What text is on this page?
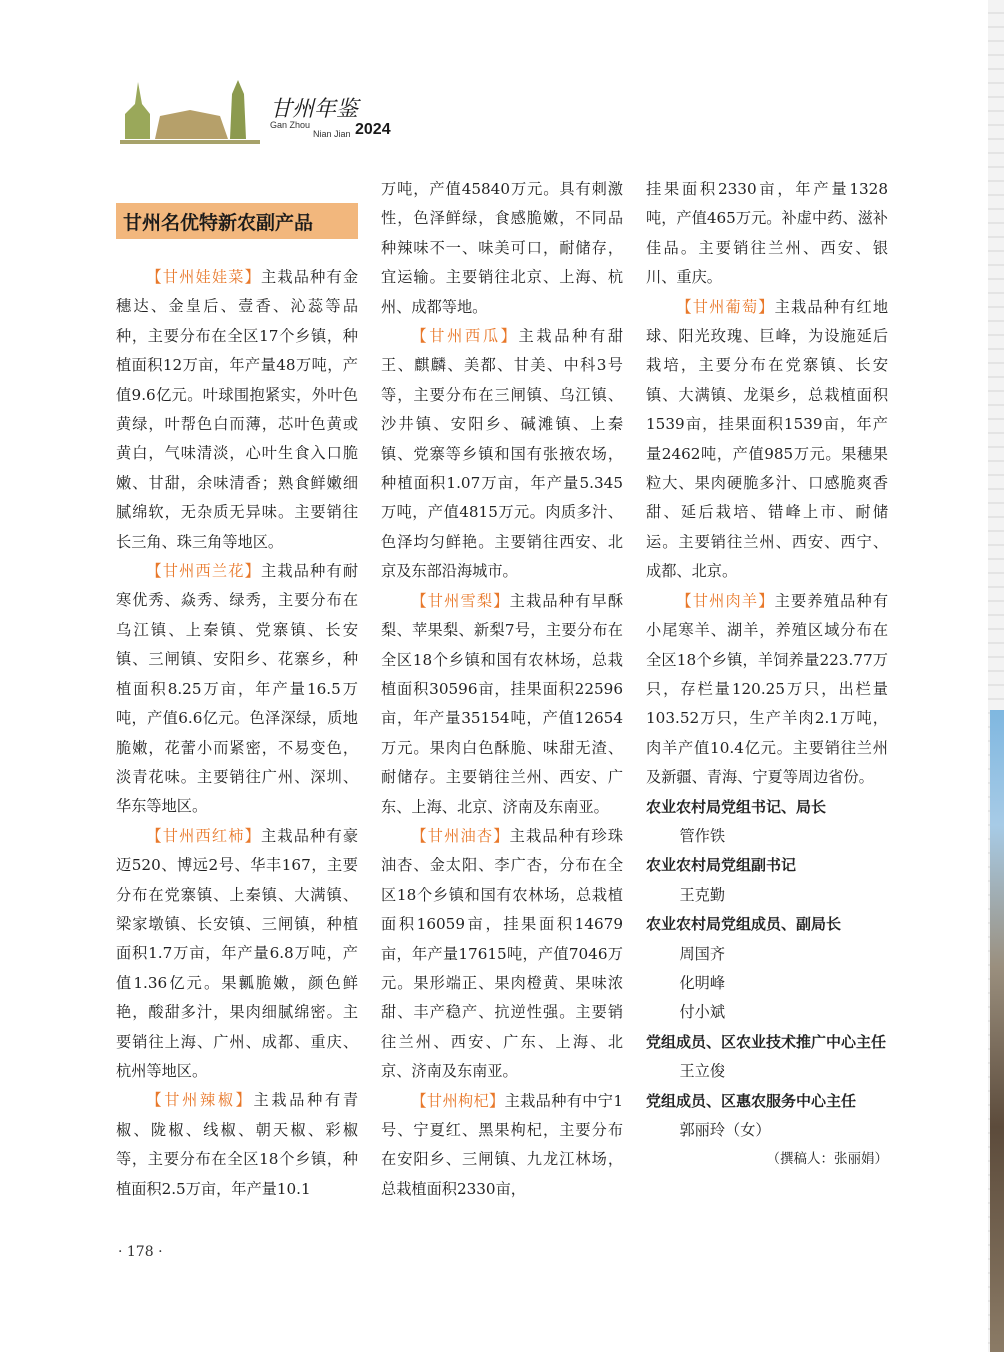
甘州年鉴
Gan Zhou
Nian Jian 2024
甘州名优特新农副产品

【甘州娃娃菜】主栽品种有金穗达、金皇后、壹香、沁蕊等品种，主要分布在全区17个乡镇，种植面积12万亩，年产量48万吨，产值9.6亿元。叶球围抱紧实，外叶色黄绿，叶帮色白而薄，芯叶色黄或黄白，气味清淡，心叶生食入口脆嫩、甘甜，余味清香；熟食鲜嫩细腻绵软，无杂质无异味。主要销往长三角、珠三角等地区。

【甘州西兰花】主栽品种有耐寒优秀、焱秀、绿秀，主要分布在乌江镇、上秦镇、党寨镇、长安镇、三闸镇、安阳乡、花寨乡，种植面积8.25万亩，年产量16.5万吨，产值6.6亿元。色泽深绿，质地脆嫩，花蕾小而紧密，不易变色，淡青花味。主要销往广州、深圳、华东等地区。

【甘州西红柿】主栽品种有豪迈520、博远2号、华丰167，主要分布在党寨镇、上秦镇、大满镇、梁家墩镇、长安镇、三闸镇，种植面积1.7万亩，年产量6.8万吨，产值1.36亿元。果瓤脆嫩，颜色鲜艳，酸甜多汁，果肉细腻绵密。主要销往上海、广州、成都、重庆、杭州等地区。

【甘州辣椒】主栽品种有青椒、陇椒、线椒、朝天椒、彩椒等，主要分布在全区18个乡镇，种植面积2.5万亩，年产量10.1

万吨，产值45840万元。具有刺激性，色泽鲜绿，食感脆嫩，不同品种辣味不一、味美可口，耐储存，宜运输。主要销往北京、上海、杭州、成都等地。

【甘州西瓜】主栽品种有甜王、麒麟、美都、甘美、中科3号等，主要分布在三闸镇、乌江镇、沙井镇、安阳乡、碱滩镇、上秦镇、党寨等乡镇和国有张掖农场，种植面积1.07万亩，年产量5.345万吨，产值4815万元。肉质多汁、色泽均匀鲜艳。主要销往西安、北京及东部沿海城市。

【甘州雪梨】主栽品种有早酥梨、苹果梨、新梨7号，主要分布在全区18个乡镇和国有农林场，总栽植面积30596亩，挂果面积22596亩，年产量35154吨，产值12654万元。果肉白色酥脆、味甜无渣、耐储存。主要销往兰州、西安、广东、上海、北京、济南及东南亚。

【甘州油杏】主栽品种有珍珠油杏、金太阳、李广杏，分布在全区18个乡镇和国有农林场，总栽植面积16059亩，挂果面积14679亩，年产量17615吨，产值7046万元。果形端正、果肉橙黄、果味浓甜、丰产稳产、抗逆性强。主要销往兰州、西安、广东、上海、北京、济南及东南亚。

【甘州枸杞】主栽品种有中宁1号、宁夏红、黑果枸杞，主要分布在安阳乡、三闸镇、九龙江林场，总栽植面积2330亩，

挂果面积2330亩，年产量1328吨，产值465万元。补虚中药、滋补佳品。主要销往兰州、西安、银川、重庆。

【甘州葡萄】主栽品种有红地球、阳光玫瑰、巨峰，为设施延后栽培，主要分布在党寨镇、长安镇、大满镇、龙渠乡，总栽植面积1539亩，挂果面积1539亩，年产量2462吨，产值985万元。果穗果粒大、果肉硬脆多汁、口感脆爽香甜、延后栽培、错峰上市、耐储运。主要销往兰州、西安、西宁、成都、北京。

【甘州肉羊】主要养殖品种有小尾寒羊、湖羊，养殖区域分布在全区18个乡镇，羊饲养量223.77万只，存栏量120.25万只，出栏量103.52万只，生产羊肉2.1万吨，肉羊产值10.4亿元。主要销往兰州及新疆、青海、宁夏等周边省份。

农业农村局党组书记、局长

管作铁

农业农村局党组副书记

王克勤

农业农村局党组成员、副局长

周国齐

化明峰

付小斌

党组成员、区农业技术推广中心主任

王立俊

党组成员、区惠农服务中心主任

郭丽玲（女）

（撰稿人：张丽娟）

· 178 ·
